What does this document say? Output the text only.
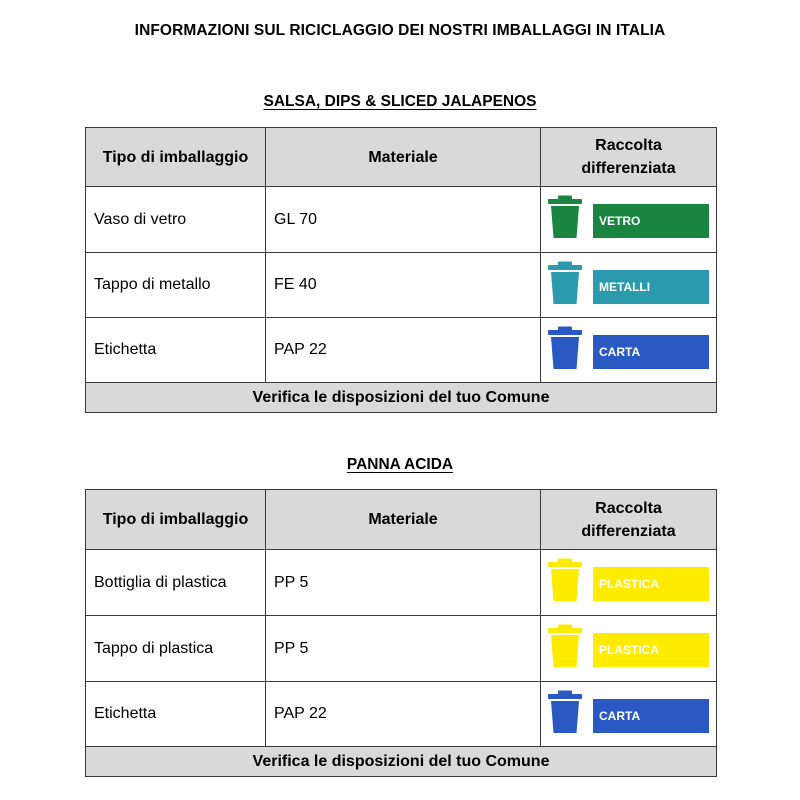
INFORMAZIONI SUL RICICLAGGIO DEI NOSTRI IMBALLAGGI IN ITALIA
SALSA, DIPS & SLICED JALAPENOS
Tipo di imballaggio	Materiale	Raccolta
differenziata
Vaso di vetro	GL 70	VETRO

Tappo di metallo	FE 40	METALLI

Etichetta	PAP 22	CARTA

Verifica le disposizioni del tuo Comune		
PANNA ACIDA
Tipo di imballaggio	Materiale	Raccolta
differenziata
Bottiglia di plastica	PP 5	PLASTICA

Tappo di plastica	PP 5	PLASTICA

Etichetta	PAP 22	CARTA

Verifica le disposizioni del tuo Comune		
